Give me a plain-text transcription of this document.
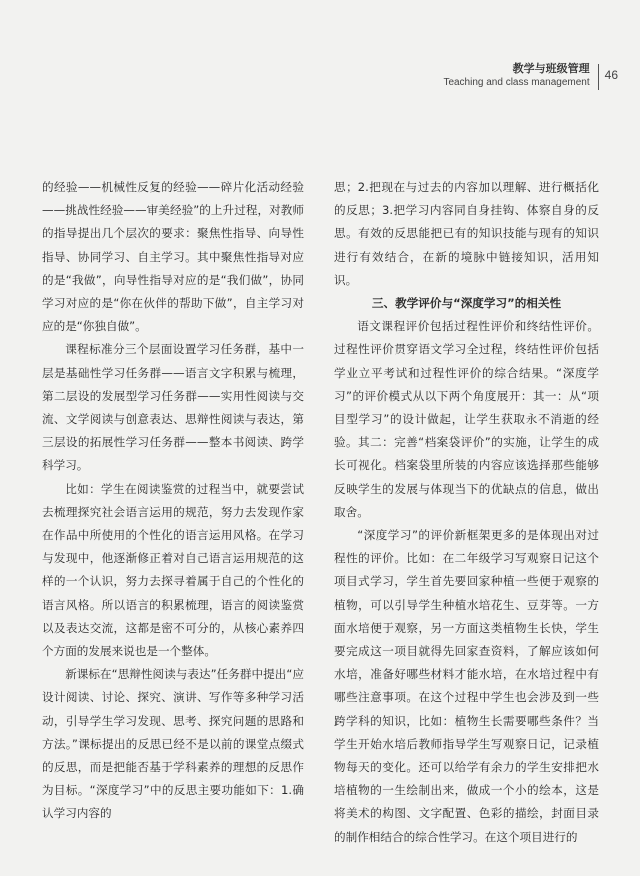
教学与班级管理
Teaching and class management
46

的经验——机械性反复的经验——碎片化活动经验——挑战性经验——审美经验”的上升过程，对教师的指导提出几个层次的要求：聚焦性指导、向导性指导、协同学习、自主学习。其中聚焦性指导对应的是“我做”，向导性指导对应的是“我们做”，协同学习对应的是“你在伙伴的帮助下做”，自主学习对应的是“你独自做”。

课程标准分三个层面设置学习任务群，基中一层是基础性学习任务群——语言文字积累与梳理，第二层设的发展型学习任务群——实用性阅读与交流、文学阅读与创意表达、思辩性阅读与表达，第三层设的拓展性学习任务群——整本书阅读、跨学科学习。

比如：学生在阅读鉴赏的过程当中，就要尝试去梳理探究社会语言运用的规范，努力去发现作家在作品中所使用的个性化的语言运用风格。在学习与发现中，他逐渐修正着对自己语言运用规范的这样的一个认识，努力去探寻着属于自己的个性化的语言风格。所以语言的积累梳理，语言的阅读鉴赏以及表达交流，这都是密不可分的，从核心素养四个方面的发展来说也是一个整体。

新课标在“思辩性阅读与表达”任务群中提出“应设计阅读、讨论、探究、演讲、写作等多种学习活动，引导学生学习发现、思考、探究问题的思路和方法。”课标提出的反思已经不是以前的课堂点缀式的反思，而是把能否基于学科素养的理想的反思作为目标。“深度学习”中的反思主要功能如下：1.确认学习内容的

思；2.把现在与过去的内容加以理解、进行概括化的反思；3.把学习内容同自身挂钩、体察自身的反思。有效的反思能把已有的知识技能与现有的知识进行有效结合，在新的境脉中链接知识，活用知识。

三、教学评价与“深度学习”的相关性

语文课程评价包括过程性评价和终结性评价。过程性评价贯穿语文学习全过程，终结性评价包括学业立平考试和过程性评价的综合结果。“深度学习”的评价模式从以下两个角度展开：其一：从“项目型学习”的设计做起，让学生获取永不消逝的经验。其二：完善“档案袋评价”的实施，让学生的成长可视化。档案袋里所装的内容应该选择那些能够反映学生的发展与体现当下的优缺点的信息，做出取舍。

“深度学习”的评价新框架更多的是体现出对过程性的评价。比如：在二年级学习写观察日记这个项目式学习，学生首先要回家种植一些便于观察的植物，可以引导学生种植水培花生、豆芽等。一方面水培便于观察，另一方面这类植物生长快，学生要完成这一项目就得先回家查资料，了解应该如何水培，准备好哪些材料才能水培，在水培过程中有哪些注意事项。在这个过程中学生也会涉及到一些跨学科的知识，比如：植物生长需要哪些条件？当学生开始水培后教师指导学生写观察日记，记录植物每天的变化。还可以给学有余力的学生安排把水培植物的一生绘制出来，做成一个小的绘本，这是将美术的构图、文字配置、色彩的描绘，封面目录的制作相结合的综合性学习。在这个项目进行的
